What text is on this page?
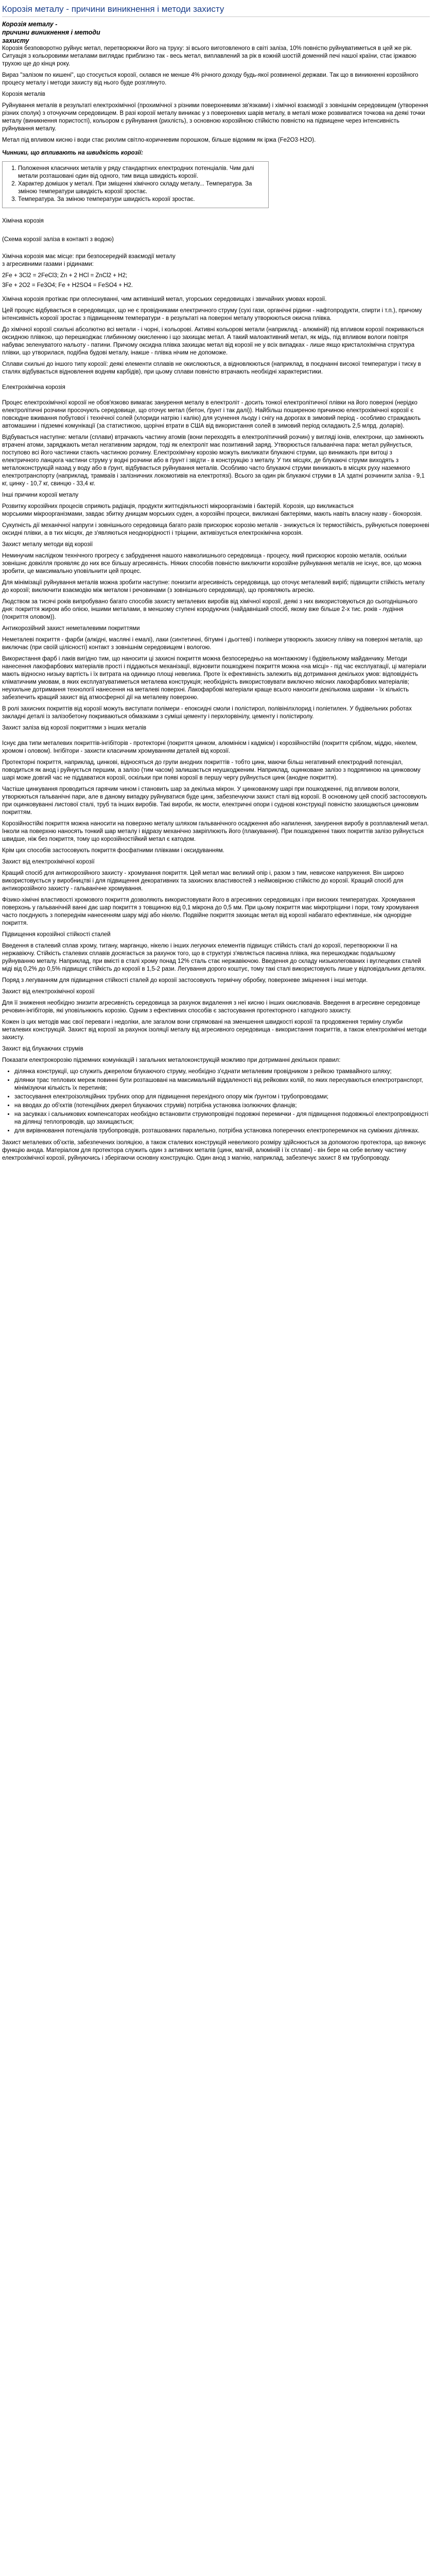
Корозія металу - причини виникнення і методи захисту

Корозія металу -
причини виникнення і методи
захисту

Корозія безповоротно руйнує метал, перетворюючи його на труху: зі всього виготовленого в світі заліза, 10% повністю руйнуватиметься в цей же рік. Ситуація з кольоровими металами виглядає приблизно так - весь метал, виплавлений за рік в кожній шостій доменній печі нашої країни, стає іржавою трухою ще до кінця року.

Вираз "залізом по кишені", що стосується корозії, склався не менше 4% річного доходу будь-якої розвиненої держави. Так що в виникненні корозійного процесу металу і методи захисту від нього буде розглянуто.

Корозія металів

Руйнування металів в результаті електрохімічної (прохимічної з різними поверхневими зв'язками) і хімічної взаємодії з зовнішнім середовищем (утворення різних сполук) з оточуючим середовищем. В разі корозії металу виникає у з поверхневих шарів металу, в металі може розвиватися точкова на деякі точки металу (виникнення пористості), кольором є руйнування (рихлість), з основною корозійною стійкістю повністю на підвищене через інтенсивність руйнування металу.

Метал під впливом кисню і води стає рихлим світло-коричневим порошком, більше відомим як іржа (Fe2O3·H2O).

Чинники, що впливають на швидкість корозії:

1. Положення класичних металів у ряду стандартних електродних потенціалів. Чим далі метали розташовані один від одного, тим вища швидкість корозії.
2. Характер домішок у металі. При зміщенні хімічного складу металу... Температура. За зміною температури швидкість корозії зростає.
3. Температура. За зміною температури швидкість корозії зростає.

Хімічна корозія

(Схема корозії заліза в контакті з водою)

Хімічна корозія має місце: при безпосередній взаємодії металу
з агресивними газами і рідинами:

2Fe + 3Cl2 = 2FeCl3; Zn + 2 HCl = ZnCl2 + H2;

3Fe + 2O2 = Fe3O4; Fe + H2SO4 = FeSO4 + H2.

Хімічна корозія протікає при оплеснуванні, чим активніший метал, угорських середовищах і звичайних умовах корозії.

Цей процес відбувається в середовищах, що не є провідниками електричного струму (сухі гази, органічні рідини - нафтопродукти, спирти і т.п.), причому інтенсивність корозії зростає з підвищенням температури - в результаті на поверхні металу утворюються окисна плівка.

До хімічної корозії схильні абсолютно всі метали - і чорні, і кольорові. Активні кольорові метали (наприклад - алюміній) під впливом корозії покриваються оксидною плівкою, що перешкоджає глибинному окисленню і що захищає метал. А такий малоактивний метал, як мідь, під впливом вологи повітря набуває зеленуватого нальоту - патини. Причому оксидна плівка захищає метал від корозії не у всіх випадках - лише якщо кристалохімічна структура плівки, що утворилася, подібна будові металу, інакше - плівка нічим не допоможе.

Сплави схильні до іншого типу корозії: деякі елементи сплавів не окислюються, а відновлюються (наприклад, в поєднанні високої температури і тиску в сталях відбувається відновлення водням карбідів), при цьому сплави повністю втрачають необхідні характеристики.

Електрохімічна корозія

Процес електрохімічної корозії не обов'язково вимагає занурення металу в електроліт - досить тонкої електролітичної плівки на його поверхні (нерідко електролітичні розчини просочують середовище, що оточує метал (бетон, ґрунт і так далі)). Найбільш поширеною причиною електрохімічної корозії є повсюдне вживання побутової і технічної солей (хлориди натрію і калію) для усунення льоду і снігу на дорогах в зимовий період - особливо страждають автомашини і підземні комунікації (за статистикою, щорічні втрати в США від використання солей в зимовий період складають 2,5 млрд. доларів).

Відбувається наступне: метали (сплави) втрачають частину атомів (вони переходять в електролітичний розчин) у вигляді іонів, електрони, що замінюють втрачені атоми, заряджають метал негативним зарядом, тоді як електроліт має позитивний заряд. Утворюється гальванічна пара: метал руйнується, поступово всі його частинки стають частиною розчину. Електрохімічну корозію можуть викликати блукаючі струми, що виникають при витоці з електричного ланцюга частини струму у водні розчини або в ґрунт і звідти - в конструкцію з металу. У тих місцях, де блукаючі струми виходять з металоконструкцій назад у воду або в ґрунт, відбувається руйнування металів. Особливо часто блукаючі струми виникають в місцях руху наземного електротранспорту (наприклад, трамваїв і залізничних локомотивів на електротязі). Всього за один рік блукаючі струми в 1А здатні розчинити заліза - 9,1 кг, цинку - 10,7 кг, свинцю - 33,4 кг.

Інші причини корозії металу

Розвитку корозійних процесів сприяють радіація, продукти життєдіяльності мікроорганізмів і бактерій. Корозія, що викликається
морськими мікроорганізмами, завдає збитку днищам морських суден, а корозійні процеси, викликані бактеріями, мають навіть власну назву - біокорозія.

Сукупність дії механічної напруги і зовнішнього середовища багато разів прискорює корозію металів - знижується їх термостійкість, руйнуються поверхневі оксидні плівки, а в тих місцях, де з'являються неоднорідності і тріщини, активізується електрохімічна корозія.

Захист металу методи від корозії

Неминучим наслідком технічного прогресу є забруднення нашого навколишнього середовища - процесу, який прискорює корозію металів, оскільки зовнішнє довкілля проявляє до них все більшу агресивність. Ніяких способів повністю виключити корозійне руйнування металів не існує, все, що можна зробити, це максимально уповільнити цей процес.

Для мінімізації руйнування металів можна зробити наступне: понизити агресивність середовища, що оточує металевий виріб; підвищити стійкість металу до корозії; виключити взаємодію між металом і речовинами (з зовнішнього середовища), що проявляють агресію.

Людством за тисячі років випробувано багато способів захисту металевих виробів від хімічної корозії, деякі з них використовуються до сьогоднішнього дня: покриття жиром або олією, іншими металами, в меншому ступені кородуючих (найдавніший спосіб, якому вже більше 2-х тис. років - лудіння (покриття оловом)).

Антикорозійний захист неметалевими покриттями

Неметалеві покриття - фарби (алкідні, масляні і емалі), лаки (синтетичні, бітумні і дьогтеві) і полімери утворюють захисну плівку на поверхні металів, що виключає (при своїй цілісності) контакт з зовнішнім середовищем і вологою.

Використання фарб і лаків вигідно тим, що наносити ці захисні покриття можна безпосередньо на монтажному і будівельному майданчику. Методи нанесення лакофарбових матеріалів прості і піддаються механізації, відновити пошкоджені покриття можна «на місці» - під час експлуатації, ці матеріали мають відносно низьку вартість і їх витрата на одиницю площі невелика. Проте їх ефективність залежить від дотримання декількох умов: відповідність кліматичним умовам, в яких експлуатуватиметься металева конструкція; необхідність використовувати виключно якісних лакофарбових матеріалів; неухильне дотримання технології нанесення на металеві поверхні. Лакофарбові матеріали краще всього наносити декількома шарами - їх кількість забезпечить кращий захист від атмосферної дії на металеву поверхню.

В ролі захисних покриттів від корозії можуть виступати полімери - епоксидні смоли і полістирол, полівінілхлорид і поліетилен. У будівельних роботах закладні деталі із залізобетону покриваються обмазками з суміші цементу і перхлорвінілу, цементу і полістиролу.

Захист заліза від корозії покриттями з інших металів

Існує два типи металевих покриттів-інгібіторів - протекторні (покриття цинком, алюмінієм і кадмієм) і корозійностійкі (покриття сріблом, міддю, нікелем, хромом і оловом). Інгібітори - захисти класичним хромуванням деталей від корозії.

Протекторні покриття, наприклад, цинкові, відносяться до групи анодних покриттів - тобто цинк, маючи більш негативний електродний потенціал, поводиться як анод і руйнується першим, а залізо (тим часом) залишається неушкодженим. Наприклад, оцинковане залізо з подряпиною на цинковому шарі може довгий час не піддаватися корозії, оскільки при появі корозії в першу чергу руйнується цинк (анодне покриття).

Частіше цинкування проводиться гарячим чином і становить шар за декілька мікрон. У цинкованому шарі при пошкодженні, під впливом вологи, утворюються гальванічні пари, але в даному випадку руйнуватися буде цинк, забезпечуючи захист сталі від корозії. В основному цей спосіб застосовують при оцинковуванні листової сталі, труб та інших виробів. Такі вироби, як мости, електричні опори і суднові конструкції повністю захищаються цинковим покриттям.

Корозійностійкі покриття можна наносити на поверхню металу шляхом гальванічного осадження або напилення, занурення виробу в розплавлений метал. Інколи на поверхню наносять тонкий шар металу і відразу механічно закріплюють його (плакування). При пошкодженні таких покриттів залізо руйнується швидше, ніж без покриття, тому що корозійностійкий метал є катодом.

Крім цих способів застосовують покриття фосфатними плівками і оксидуванням.

Захист від електрохімічної корозії

Кращий спосіб для антикорозійного захисту - хромування покриття. Цей метал має великий опір і, разом з тим, невисоке напруження. Він широко використовується у виробництві і для підвищення декоративних та захисних властивостей з неймовірною стійкістю до корозії. Кращий спосіб для антикорозійного захисту - гальванічне хромування.

Фізико-хімічні властивості хромового покриття дозволяють використовувати його в агресивних середовищах і при високих температурах. Хромування поверхонь у гальванічній ванні дає шар покриття з товщиною від 0,1 мікрона до 0,5 мм. При цьому покриття має мікротріщини і пори, тому хромування часто поєднують з попереднім нанесенням шару міді або нікелю. Подвійне покриття захищає метал від корозії набагато ефективніше, ніж однорідне покриття.

Підвищення корозійної стійкості сталей

Введення в сталевий сплав хрому, титану, марганцю, нікелю і інших легуючих елементів підвищує стійкість сталі до корозії, перетворюючи її на нержавіючу. Стійкість сталевих сплавів досягається за рахунок того, що в структурі з'являється пасивна плівка, яка перешкоджає подальшому руйнуванню металу. Наприклад, при вмісті в сталі хрому понад 12% сталь стає нержавіючою. Введення до складу низьколегованих і вуглецевих сталей міді від 0,2% до 0,5% підвищує стійкість до корозії в 1,5-2 рази. Легування дорого коштує, тому такі сталі використовують лише у відповідальних деталях.

Поряд з легуванням для підвищення стійкості сталей до корозії застосовують термічну обробку, поверхневе зміцнення і інші методи.

Захист від електрохімічної корозії

Для її зниження необхідно знизити агресивність середовища за рахунок видалення з неї кисню і інших окислювачів. Введення в агресивне середовище речовин-інгібіторів, які уповільнюють корозію. Одним з ефективних способів є застосування протекторного і катодного захисту.

Кожен із цих методів має свої переваги і недоліки, але загалом вони спрямовані на зменшення швидкості корозії та продовження терміну служби металевих конструкцій. Захист від корозії за рахунок ізоляції металу від агресивного середовища - використання покриттів, а також електрохімічні методи захисту.

Захист від блукаючих струмів

Показати електрокорозію підземних комунікацій і загальних металоконструкцій можливо при дотриманні декількох правил:

• ділянка конструкції, що служить джерелом блукаючого струму, необхідно з'єднати металевим провідником з рейкою трамвайного шляху;
• ділянки трас теплових мереж повинні бути розташовані на максимальній віддаленості від рейкових колій, по яких пересуваються електротранспорт, мінімізуючи кількість їх перетинів;
• застосування електроізоляційних трубних опор для підвищення перехідного опору між ґрунтом і трубопроводами;
• на вводах до об'єктів (потенційних джерел блукаючих струмів) потрібна установка ізолюючих фланців;
• на засувках і сальникових компенсаторах необхідно встановити струмопровідні подовжні перемички - для підвищення подовжньої електропровідності на ділянці теплопроводів, що захищається;
• для вирівнювання потенціалів трубопроводів, розташованих паралельно, потрібна установка поперечних електроперемичок на суміжних ділянках.

Захист металевих об'єктів, забезпечених ізоляцією, а також сталевих конструкцій невеликого розміру здійснюється за допомогою протектора, що виконує функцію анода. Матеріалом для протектора служить один з активних металів (цинк, магній, алюміній і їх сплави) - він бере на себе велику частину електрохімічної корозії, руйнуючись і зберігаючи основну конструкцію. Один анод з магнію, наприклад, забезпечує захист 8 км трубопроводу.
